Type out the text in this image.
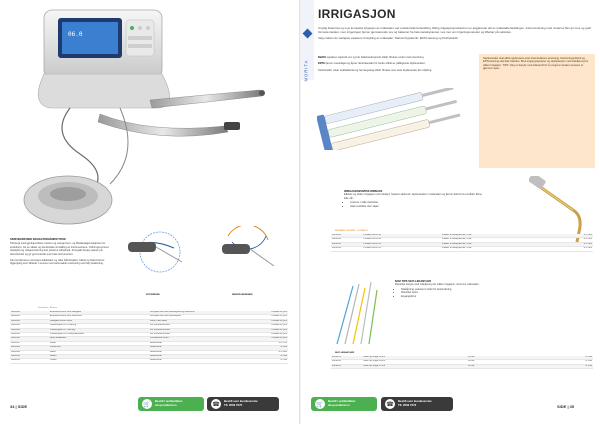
06.0
SKRIVBORD MED NAVIGATORHÅNDSTYKKE
Tiltrængt med gjenkjennbare motorer og mange frem- og tilbakeslagsmuligheter for endodonti. Gir en sikker og komfortabel innstilling av instrumentene. Vridningsmoment, hastighet og rotasjonsretning kan justeres individuelt. Kompakt design passer på skrivebordet og gir god oversikt over hele instrumentet.
Kan kombineres med Apex-lokalisator og ulike håndstykker. Kabel og fotkontroll er tilgjengelig som tilbehør. Leveres med automatisk reversering ved høy belastning.
ROTERENDE	RESIPROKERENDE
Endodonti - Motorer
3881000	Endodontimotor med navigator	Komplett sett med håndstykke og fotkontroll	Kontakt for pris
3881001	Endodontimotor uten fotkontroll	Komplett sett med håndstykke	Kontakt for pris
3881002	Navigator Endo Motor	Motor med kabel	Kontakt for pris
3881003	Vinkelstykke 16:1 rotering	For endodontimotor	Kontakt for pris
3881004	Vinkelstykke 6:1 rotering	For endodontimotor	Kontakt for pris
3881005	Vinkelstykke 16:1 resiprokerende	For endodontimotor	Kontakt for pris
3881006	Apex-lokalisator	Frittstående enhet	Kontakt for pris
3881007	Kabel	Reservedel	kr 1 155
3881008	Fotkontroll	Reservedel	kr 995
3881009	Lader	Reservedel	kr 1 280
3881010	Batteri	Reservedel	kr 690
3881011	Holder	Reservedel	kr 445
34 | SIDE	🛒
Bestill i nettbutikken
shop.unident.no	☎
Bestill over kundeservice
Tlf. 2063 7270
MORITA
IRRIGASJON
Unyttig tilnærmet og mye kompleks irrigasjon av rotkanalen ved endodontisk behandling. Riktig irrigasjonsprotokoll er en avgjørende del av rotkanalbehandlingen. Instrumentering med moderne filer gir rene og godt formede kanaler, men irrigeringen fjerner gjenværende vev og bakterier fra hele kanalsystemet. Les mer om irrigeringsmetoder og tilbehør på nettsiden.
Velg mellom de vanligste væskene til skylling av rotkanaler: Natriumhypokloritt, EDTA-løsning og Klorheksidin.
NaOCl oppløser organisk vev og har bakteriedrepende effekt. Brukes under instrumentering.
EDTA fjerner smearlaget og åpner dentinkanaler for bedre effekt av påfølgende skyllevæsker.
Klorheksidin virker antibakterielt og har langvarig effekt. Brukes som siste skyllevæske før rotfylling.
Skyllevæsker skal alltid oppbevares etter leverandørens anvisning. Natriumhypokloritt og EDTA-løsning skal ikke blandes. Bruk engangssprøyter og skyllekanyler med sideåpning for sikker irrigasjon. TIPS: Velg en kanyle med sideventil for å unngå at væsken presses ut gjennom apex.
IRRIGASJONSSPISS IRRISAFE
Effektiv og sikker irrigasjon med ultralyd. Spissen aktiverer skyllevæsken i rotkanalen og fjerner debris fra områder filene ikke når.
• Leveres i ulike størrelser
• Glatt overflate uten skjær
IRRISAFE SPISSER - ULTRALYD
4005161	IrriSafe 21mm 20	Passer til ultralydenhet, 4 stk	kr 1 323
4005162	IrriSafe 25mm 20	Passer til ultralydenhet, 4 stk	kr 1 323
4005163	IrriSafe 21mm 25	Passer til ultralydenhet, 4 stk	kr 1 323
4005164	IrriSafe 25mm 25	Passer til ultralydenhet, 4 stk	kr 1 323
NAVI TIPS SKYLLEKANYLER
Fleksibel kanyle med sideåpning for sikker irrigasjon i krumme rotkanaler.
• Sideåpning reduserer risiko for ekstrudering
• Fleksibel spiss
• Engangsbruk
SKYLLEKANYLER
4009151	NaviTips 29ga 21mm	20 stk	kr 990
4009152	NaviTips 29ga 25mm	20 stk	kr 990
4009153	NaviTips 30ga 27mm	20 stk	kr 990
🛒
Bestill i nettbutikken
shop.unident.no	☎
Bestill over kundeservice
Tlf. 2063 7270	SIDE | 35
